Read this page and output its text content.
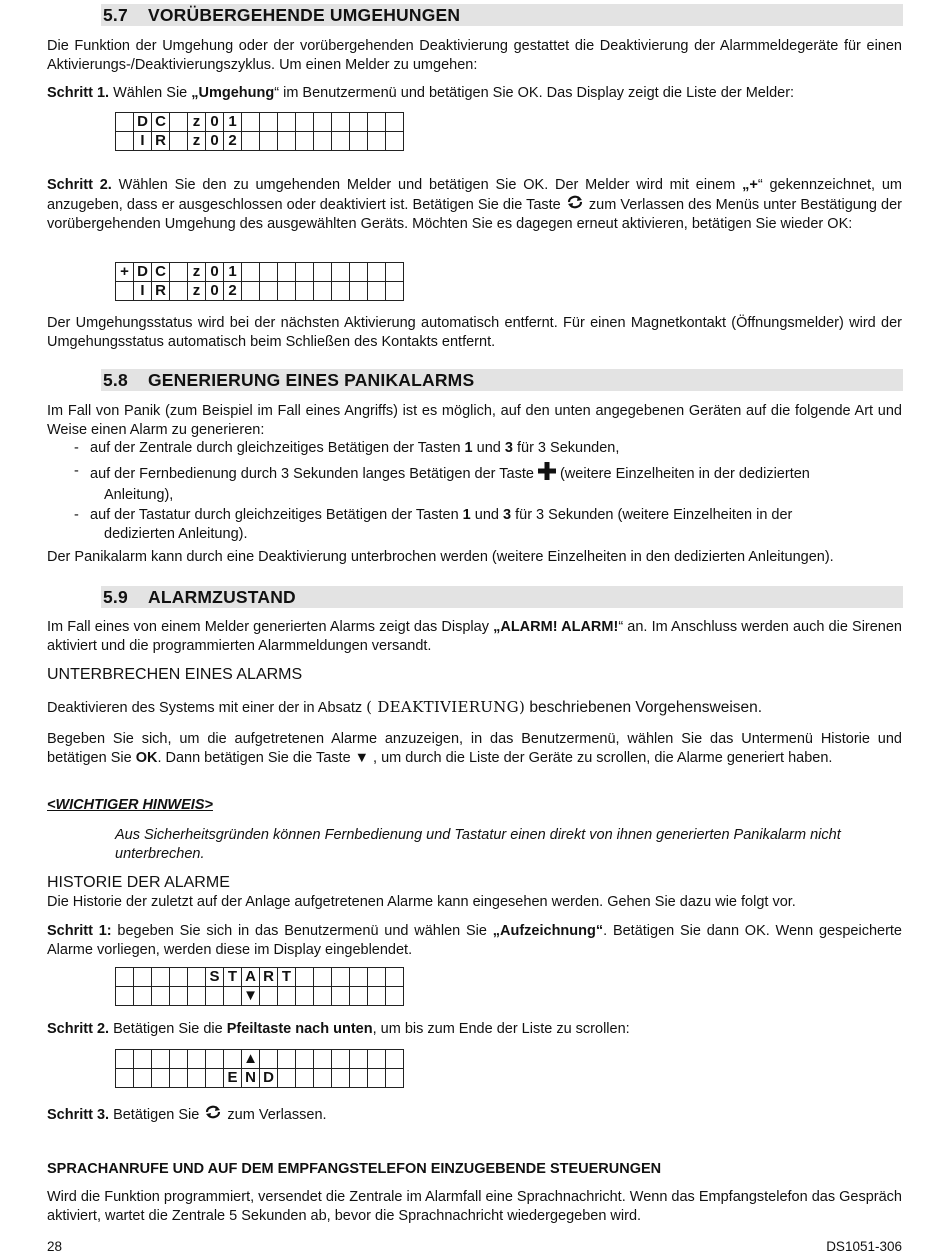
5.7 VORÜBERGEHENDE UMGEHUNGEN

Die Funktion der Umgehung oder der vorübergehenden Deaktivierung gestattet die Deaktivierung der Alarmmeldegeräte für einen Aktivierungs-/Deaktivierungszyklus. Um einen Melder zu umgehen:

Schritt 1. Wählen Sie „Umgehung“ im Benutzermenü und betätigen Sie OK. Das Display zeigt die Liste der Melder:

	D	C		z	0	1									
	I	R		z	0	2									

Schritt 2. Wählen Sie den zu umgehenden Melder und betätigen Sie OK. Der Melder wird mit einem „+“ gekennzeichnet, um anzugeben, dass er ausgeschlossen oder deaktiviert ist. Betätigen Sie die Taste  zum Verlassen des Menüs unter Bestätigung der vorübergehenden Umgehung des ausgewählten Geräts. Möchten Sie es dagegen erneut aktivieren, betätigen Sie wieder OK:

+	D	C		z	0	1									
	I	R		z	0	2									

Der Umgehungsstatus wird bei der nächsten Aktivierung automatisch entfernt. Für einen Magnetkontakt (Öffnungsmelder) wird der Umgehungsstatus automatisch beim Schließen des Kontakts entfernt.

5.8 GENERIERUNG EINES PANIKALARMS

Im Fall von Panik (zum Beispiel im Fall eines Angriffs) ist es möglich, auf den unten angegebenen Geräten auf die folgende Art und Weise einen Alarm zu generieren:

- auf der Zentrale durch gleichzeitiges Betätigen der Tasten 1 und 3 für 3 Sekunden,
- auf der Fernbedienung durch 3 Sekunden langes Betätigen der Taste  (weitere Einzelheiten in der dedizierten
Anleitung),
- auf der Tastatur durch gleichzeitiges Betätigen der Tasten 1 und 3 für 3 Sekunden (weitere Einzelheiten in der
dedizierten Anleitung).

Der Panikalarm kann durch eine Deaktivierung unterbrochen werden (weitere Einzelheiten in den dedizierten Anleitungen).

5.9 ALARMZUSTAND

Im Fall eines von einem Melder generierten Alarms zeigt das Display „ALARM! ALARM!“ an. Im Anschluss werden auch die Sirenen aktiviert und die programmierten Alarmmeldungen versandt.

UNTERBRECHEN EINES ALARMS

Deaktivieren des Systems mit einer der in Absatz ( DEAKTIVIERUNG) beschriebenen Vorgehensweisen.

Begeben Sie sich, um die aufgetretenen Alarme anzuzeigen, in das Benutzermenü, wählen Sie das Untermenü Historie und betätigen Sie OK. Dann betätigen Sie die Taste ▼ , um durch die Liste der Geräte zu scrollen, die Alarme generiert haben.

<WICHTIGER HINWEIS>

Aus Sicherheitsgründen können Fernbedienung und Tastatur einen direkt von ihnen generierten Panikalarm nicht unterbrechen.

HISTORIE DER ALARME

Die Historie der zuletzt auf der Anlage aufgetretenen Alarme kann eingesehen werden. Gehen Sie dazu wie folgt vor.

Schritt 1: begeben Sie sich in das Benutzermenü und wählen Sie „Aufzeichnung“. Betätigen Sie dann OK. Wenn gespeicherte Alarme vorliegen, werden diese im Display eingeblendet.

					S	T	A	R	T						
							▼								

Schritt 2. Betätigen Sie die Pfeiltaste nach unten, um bis zum Ende der Liste zu scrollen:

							▲								
						E	N	D							

Schritt 3. Betätigen Sie  zum Verlassen.

SPRACHANRUFE UND AUF DEM EMPFANGSTELEFON EINZUGEBENDE STEUERUNGEN

Wird die Funktion programmiert, versendet die Zentrale im Alarmfall eine Sprachnachricht. Wenn das Empfangstelefon das Gespräch aktiviert, wartet die Zentrale 5 Sekunden ab, bevor die Sprachnachricht wiedergegeben wird.

28	DS1051-306
